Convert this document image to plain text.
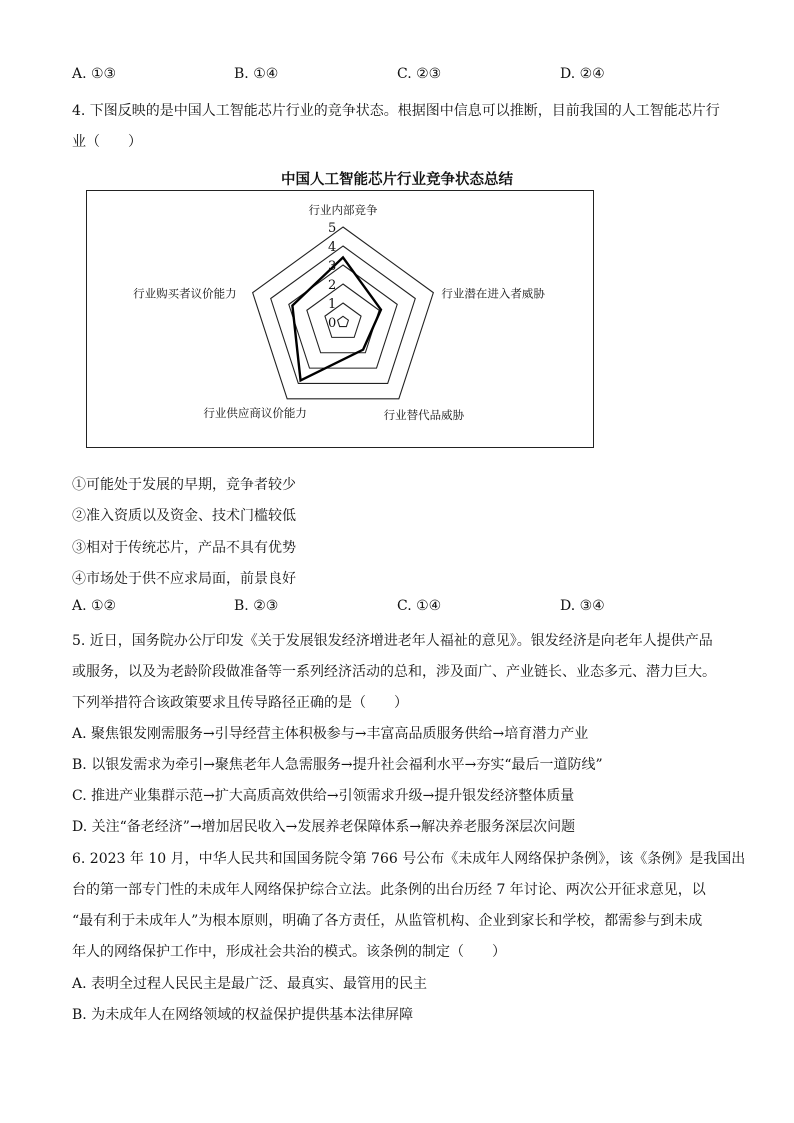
A. ①③	B. ①④	C. ②③	D. ②④
4. 下图反映的是中国人工智能芯片行业的竞争状态。根据图中信息可以推断，目前我国的人工智能芯片行
业（　　）
中国人工智能芯片行业竞争状态总结
0
1
2
3
4
5
行业内部竞争
行业潜在进入者威胁
行业替代品威胁
行业供应商议价能力
行业购买者议价能力
①可能处于发展的早期，竞争者较少
②准入资质以及资金、技术门槛较低
③相对于传统芯片，产品不具有优势
④市场处于供不应求局面，前景良好
A. ①②	B. ②③	C. ①④	D. ③④
5. 近日，国务院办公厅印发《关于发展银发经济增进老年人福祉的意见》。银发经济是向老年人提供产品
或服务，以及为老龄阶段做准备等一系列经济活动的总和，涉及面广、产业链长、业态多元、潜力巨大。
下列举措符合该政策要求且传导路径正确的是（　　）
A. 聚焦银发刚需服务→引导经营主体积极参与→丰富高品质服务供给→培育潜力产业
B. 以银发需求为牵引→聚焦老年人急需服务→提升社会福利水平→夯实“最后一道防线”
C. 推进产业集群示范→扩大高质高效供给→引领需求升级→提升银发经济整体质量
D. 关注“备老经济”→增加居民收入→发展养老保障体系→解决养老服务深层次问题
6. 2023 年 10 月，中华人民共和国国务院令第 766 号公布《未成年人网络保护条例》，该《条例》是我国出
台的第一部专门性的未成年人网络保护综合立法。此条例的出台历经 7 年讨论、两次公开征求意见，以
“最有利于未成年人”为根本原则，明确了各方责任，从监管机构、企业到家长和学校，都需参与到未成
年人的网络保护工作中，形成社会共治的模式。该条例的制定（　　）
A. 表明全过程人民民主是最广泛、最真实、最管用的民主
B. 为未成年人在网络领域的权益保护提供基本法律屏障
